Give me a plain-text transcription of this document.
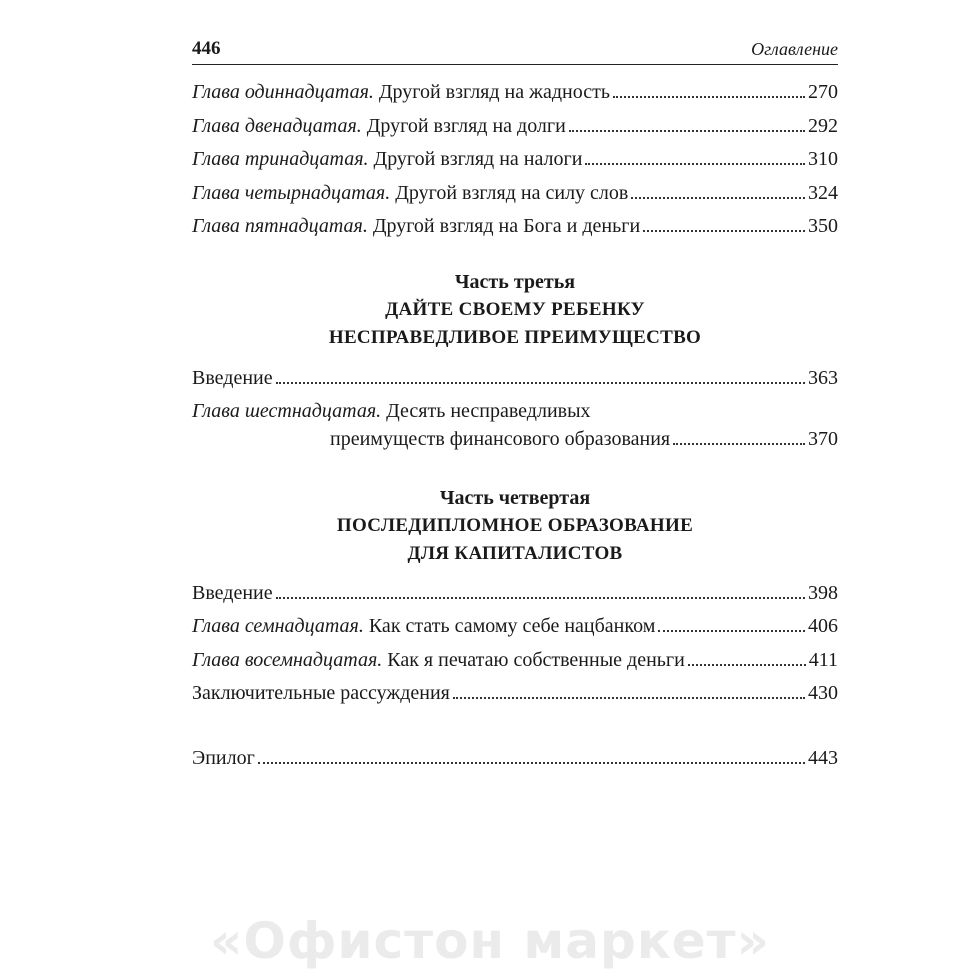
446	Оглавление
Глава одиннадцатая. Другой взгляд на жадность	270
Глава двенадцатая. Другой взгляд на долги	292
Глава тринадцатая. Другой взгляд на налоги	310
Глава четырнадцатая. Другой взгляд на силу слов	324
Глава пятнадцатая. Другой взгляд на Бога и деньги	350
Часть третья
ДАЙТЕ СВОЕМУ РЕБЕНКУ
НЕСПРАВЕДЛИВОЕ ПРЕИМУЩЕСТВО
Введение	363
Глава шестнадцатая. Десять несправедливых
преимуществ финансового образования	370
Часть четвертая
ПОСЛЕДИПЛОМНОЕ ОБРАЗОВАНИЕ
ДЛЯ КАПИТАЛИСТОВ
Введение	398
Глава семнадцатая. Как стать самому себе нацбанком	406
Глава восемнадцатая. Как я печатаю собственные деньги	411
Заключительные рассуждения	430
Эпилог	443
«Офистон маркет»
